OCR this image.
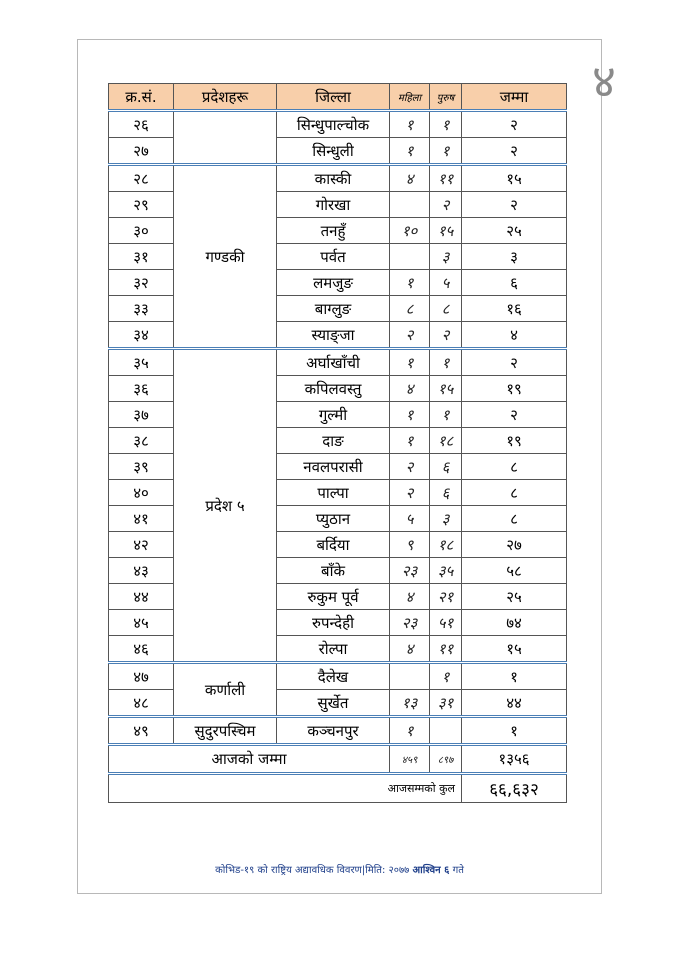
४
क्र.सं.	प्रदेशहरू	जिल्ला	महिला	पुरुष	जम्मा
२६		सिन्धुपाल्चोक	१	१	२
२७		सिन्धुली	१	१	२
२८	गण्डकी	कास्की	४	११	१५
२९		गोरखा		२	२
३०		तनहुँ	१०	१५	२५
३१		पर्वत		३	३
३२		लमजुङ	१	५	६
३३		बाग्लुङ	८	८	१६
३४		स्याङ्जा	२	२	४
३५	प्रदेश ५	अर्घाखाँची	१	१	२
३६		कपिलवस्तु	४	१५	१९
३७		गुल्मी	१	१	२
३८		दाङ	१	१८	१९
३९		नवलपरासी	२	६	८
४०		पाल्पा	२	६	८
४१		प्युठान	५	३	८
४२		बर्दिया	९	१८	२७
४३		बाँके	२३	३५	५८
४४		रुकुम पूर्व	४	२१	२५
४५		रुपन्देही	२३	५१	७४
४६		रोल्पा	४	११	१५
४७	कर्णाली	दैलेख		१	१
४८		सुर्खेत	१३	३१	४४
४९	सुदुरपस्चिम	कञ्चनपुर	१		१
आजको जम्मा			४५९	८९७	१३५६
आजसम्मको कुल					६६,६३२
कोभिड-१९ को राष्ट्रिय अद्यावधिक विवरण|मिति: २०७७ आश्विन ६ गते
